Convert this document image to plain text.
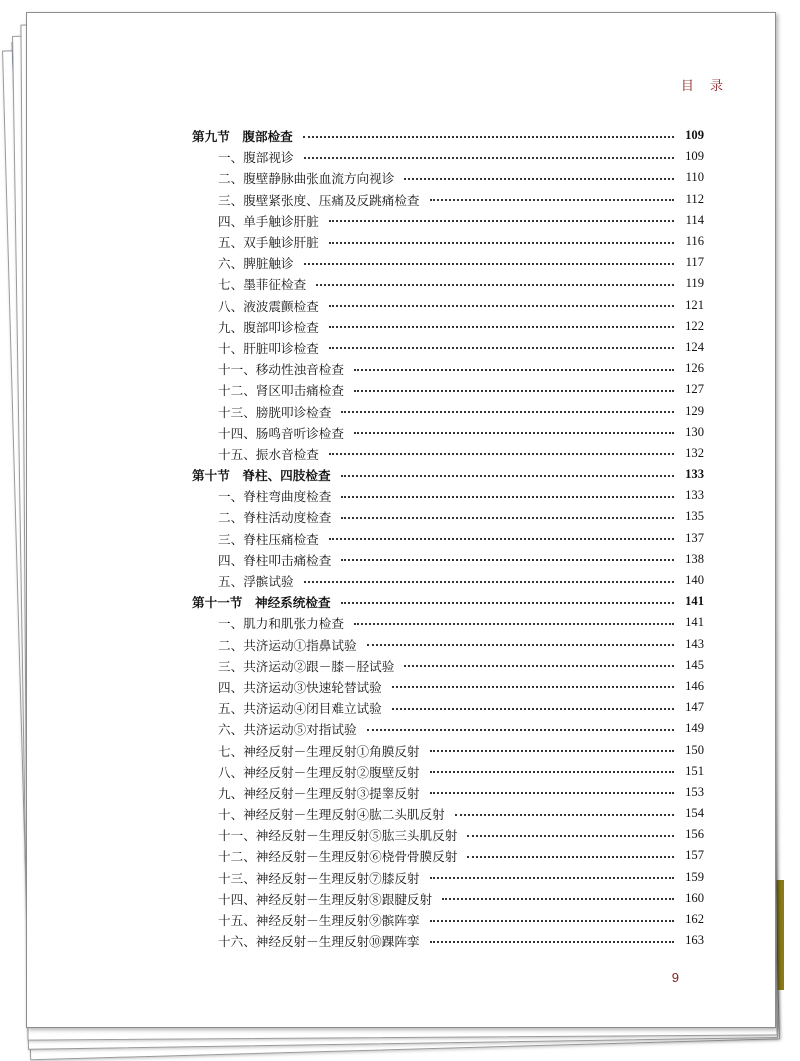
目 录
第九节　腹部检查	109
一、腹部视诊	109
二、腹壁静脉曲张血流方向视诊	110
三、腹壁紧张度、压痛及反跳痛检查	112
四、单手触诊肝脏	114
五、双手触诊肝脏	116
六、脾脏触诊	117
七、墨菲征检查	119
八、液波震颤检查	121
九、腹部叩诊检查	122
十、肝脏叩诊检查	124
十一、移动性浊音检查	126
十二、肾区叩击痛检查	127
十三、膀胱叩诊检查	129
十四、肠鸣音听诊检查	130
十五、振水音检查	132
第十节　脊柱、四肢检查	133
一、脊柱弯曲度检查	133
二、脊柱活动度检查	135
三、脊柱压痛检查	137
四、脊柱叩击痛检查	138
五、浮髌试验	140
第十一节　神经系统检查	141
一、肌力和肌张力检查	141
二、共济运动①指鼻试验	143
三、共济运动②跟－膝－胫试验	145
四、共济运动③快速轮替试验	146
五、共济运动④闭目难立试验	147
六、共济运动⑤对指试验	149
七、神经反射－生理反射①角膜反射	150
八、神经反射－生理反射②腹壁反射	151
九、神经反射－生理反射③提睾反射	153
十、神经反射－生理反射④肱二头肌反射	154
十一、神经反射－生理反射⑤肱三头肌反射	156
十二、神经反射－生理反射⑥桡骨骨膜反射	157
十三、神经反射－生理反射⑦膝反射	159
十四、神经反射－生理反射⑧跟腱反射	160
十五、神经反射－生理反射⑨髌阵挛	162
十六、神经反射－生理反射⑩踝阵挛	163
9
